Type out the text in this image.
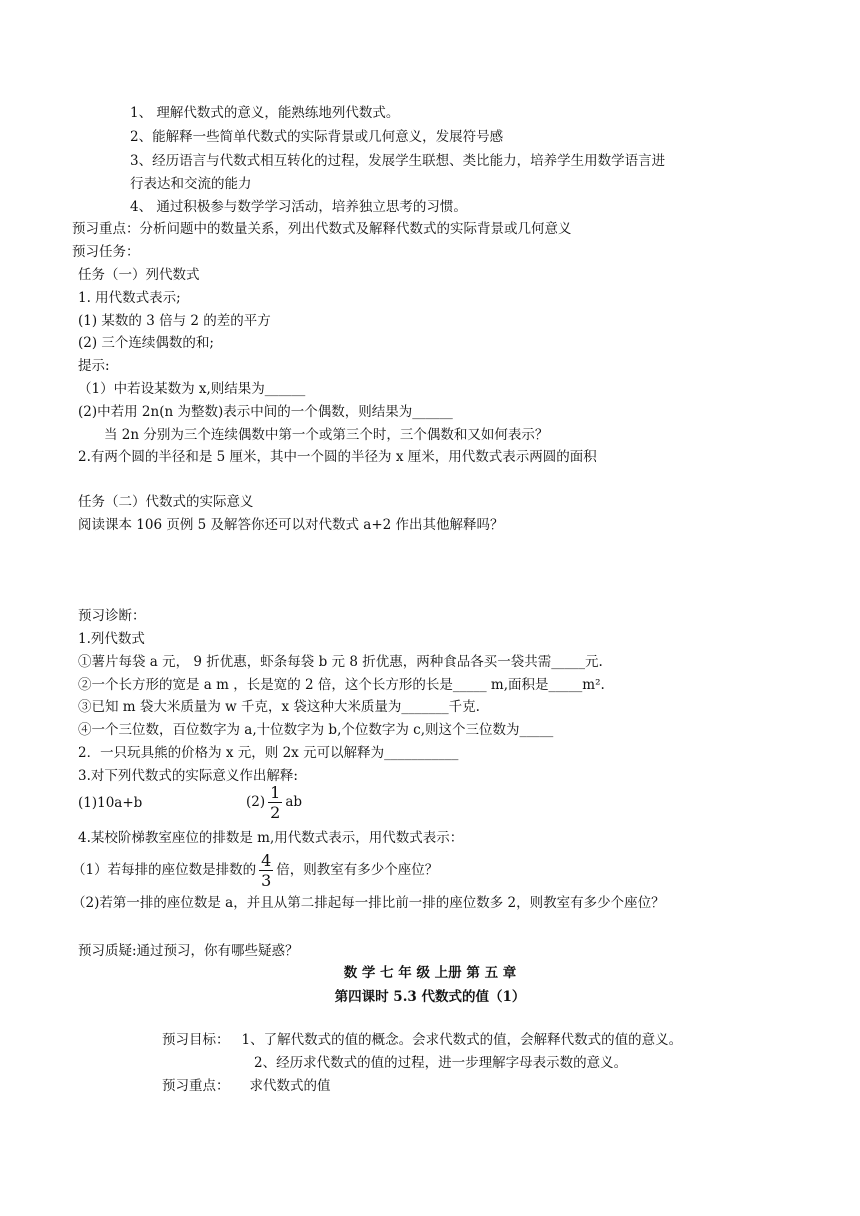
1、 理解代数式的意义，能熟练地列代数式。
2、能解释一些简单代数式的实际背景或几何意义，发展符号感
3、经历语言与代数式相互转化的过程，发展学生联想、类比能力，培养学生用数学语言进
行表达和交流的能力
4、 通过积极参与数学学习活动，培养独立思考的习惯。
预习重点：分析问题中的数量关系，列出代数式及解释代数式的实际背景或几何意义
预习任务：
任务（一）列代数式
1. 用代数式表示;
(1) 某数的 3 倍与 2 的差的平方
(2) 三个连续偶数的和;
提示:
（1）中若设某数为 x,则结果为______
(2)中若用 2n(n 为整数)表示中间的一个偶数，则结果为______
当 2n 分别为三个连续偶数中第一个或第三个时，三个偶数和又如何表示？
2.有两个圆的半径和是 5 厘米，其中一个圆的半径为 x 厘米，用代数式表示两圆的面积
任务（二）代数式的实际意义
阅读课本 106 页例 5 及解答你还可以对代数式 a+2 作出其他解释吗？
预习诊断：
1.列代数式
①薯片每袋 a 元， 9 折优惠，虾条每袋 b 元 8 折优惠，两种食品各买一袋共需_____元.
②一个长方形的宽是 a m ，长是宽的 2 倍，这个长方形的长是_____ m,面积是_____m².
③已知 m 袋大米质量为 w 千克，x 袋这种大米质量为_______千克.
④一个三位数，百位数字为 a,十位数字为 b,个位数字为 c,则这个三位数为_____
2．一只玩具熊的价格为 x 元，则 2x 元可以解释为___________
3.对下列代数式的实际意义作出解释:
(1)10a+b	$(2) \frac{1}{2}$ ab
4.某校阶梯教室座位的排数是 m,用代数式表示，用代数式表示：
（1）若每排的座位数是排数的 $\frac{4}{3}$ 倍，则教室有多少个座位？
（2)若第一排的座位数是 a，并且从第二排起每一排比前一排的座位数多 2，则教室有多少个座位？
预习质疑:通过预习，你有哪些疑惑？
数 学 七 年 级 上册 第 五 章
第四课时 5.3 代数式的值（1）
预习目标： 1、了解代数式的值的概念。会求代数式的值，会解释代数式的值的意义。
2、经历求代数式的值的过程，进一步理解字母表示数的意义。
预习重点： 求代数式的值
